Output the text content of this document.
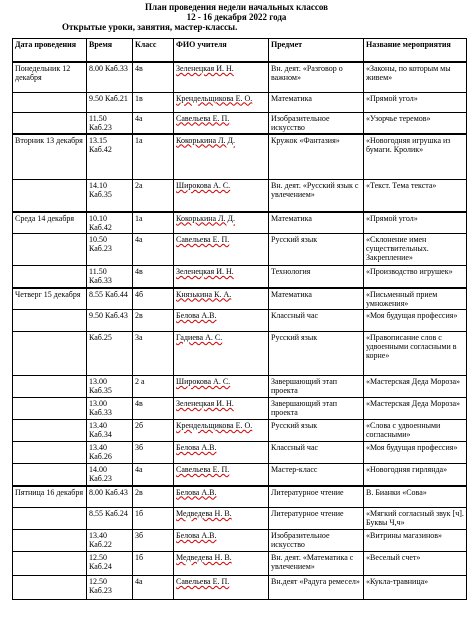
План проведения недели начальных классов
12 - 16 декабря 2022 года
Открытые уроки, занятия, мастер-классы.
Дата проведения	Время	Класс	ФИО учителя	Предмет	Название мероприятия
Понедельник 12 декабря	8.00 Каб.33	4в	Зеленецкая И. Н.	Вн. деят. «Разговор о важном»	«Законы, по которым мы живем»
	9.50 Каб.21	1в	Крендельщикова Е. О.	Математика	«Прямой угол»
	11.50 Каб.23	4а	Савельева Е. П.	Изобразительное искусство	«Узорчье теремов»
Вторник 13 декабря	13.15 Каб.42	1а	Кокорькина Л. Д.	Кружок «Фантазия»	«Новогодняя игрушка из бумаги. Кролик»
	14.10 Каб.35	2а	Широкова А. С.	Вн. деят. «Русский язык с увлечением»	«Текст. Тема текста»
Среда 14 декабря	10.10 Каб.42	1а	Кокорькина Л. Д.	Математика	«Прямой угол»
	10.50 Каб.23	4а	Савельева Е. П.	Русский язык	«Склонение имен существительных. Закрепление»
	11.50 Каб.33	4в	Зеленецкая И. Н.	Технология	«Производство игрушек»
Четверг 15 декабря	8.55 Каб.44	4б	Князькина К. А.	Математика	«Письменный прием умножения»
	9.50 Каб.43	2в	Белова А.В.	Классный час	«Моя будущая профессия»
	Каб.25	3а	Гадиева А. С.	Русский язык	«Правописание слов с удвоенными согласными в корне»
	13.00 Каб.35	2 а	Широкова А. С.	Завершающий этап проекта	«Мастерская Деда Мороза»
	13.00 Каб.33	4в	Зеленецкая И. Н.	Завершающий этап проекта	«Мастерская Деда Мороза»
	13.40 Каб.34	2б	Крендельщикова Е. О.	Русский язык	«Слова с удвоенными согласными»
	13.40 Каб.26	3б	Белова А.В.	Классный час	«Моя будущая профессия»
	14.00 Каб.23	4а	Савельева Е. П.	Мастер-класс	«Новогодняя гирлянда»
Пятница 16 декабря	8.00 Каб.43	2в	Белова А.В.	Литературное чтение	В. Бианки «Сова»
	8.55 Каб.24	1б	Медведева Н. В.	Литературное чтение	«Мягкий согласный звук [ч]. Буквы Ч,ч»
	13.40 Каб.22	3б	Белова А.В.	Изобразительное искусство	«Витрины магазинов»
	12.50 Каб.24	1б	Медведева Н. В.	Вн. деят. «Математика с увлечением»	«Веселый счет»
	12.50 Каб.23	4а	Савельева Е. П.	Вн.деят «Радуга ремесел»	«Кукла-травница»
